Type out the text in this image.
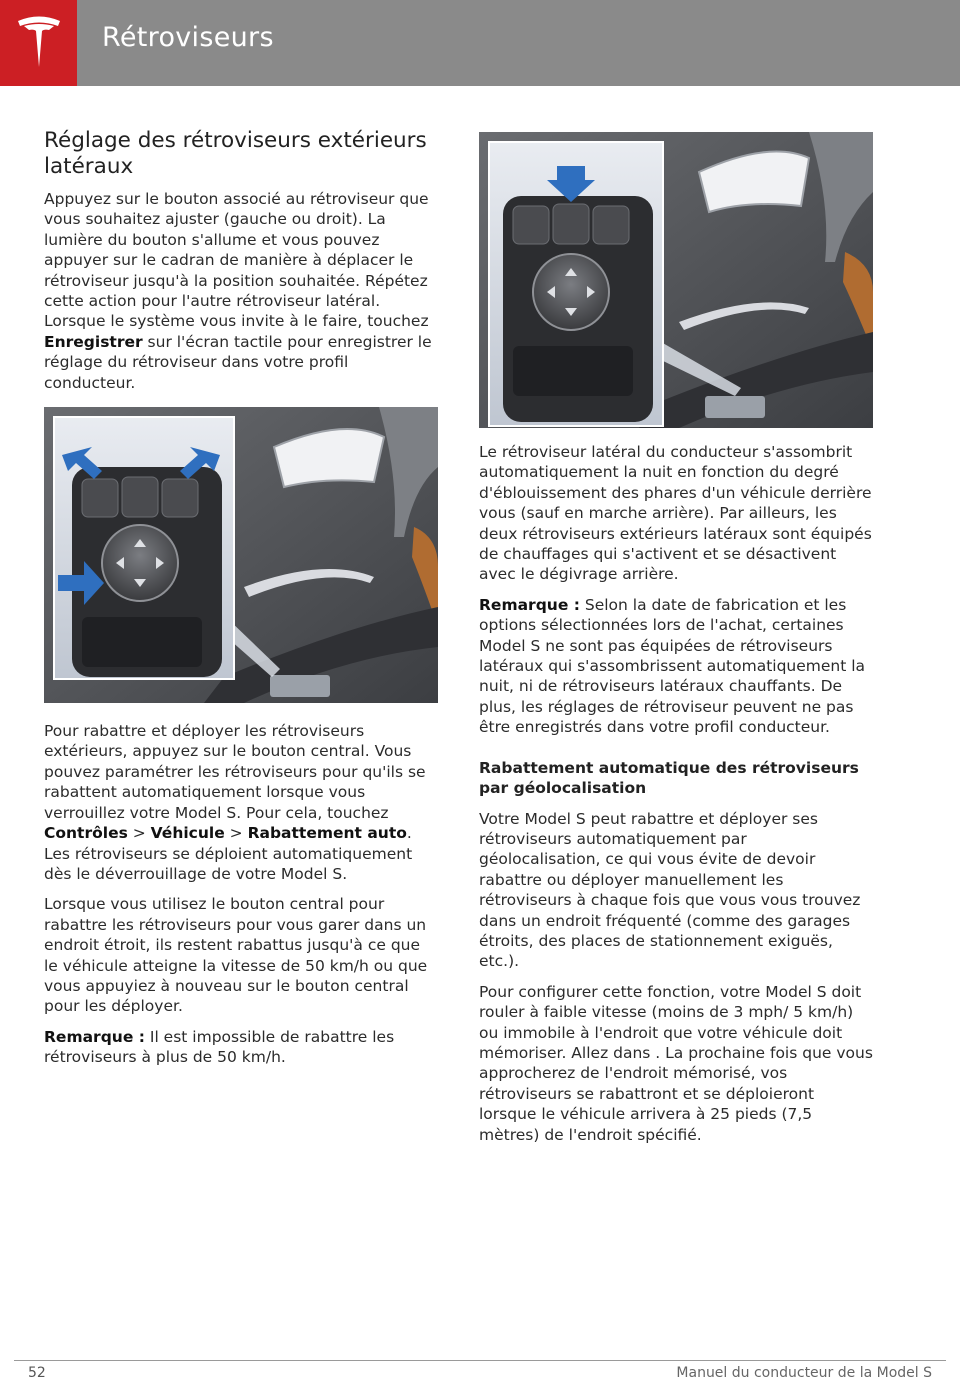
Rétroviseurs
Réglage des rétroviseurs extérieurs latéraux

Appuyez sur le bouton associé au rétroviseur que vous souhaitez ajuster (gauche ou droit). La lumière du bouton s'allume et vous pouvez appuyer sur le cadran de manière à déplacer le rétroviseur jusqu'à la position souhaitée. Répétez cette action pour l'autre rétroviseur latéral. Lorsque le système vous invite à le faire, touchez Enregistrer sur l'écran tactile pour enregistrer le réglage du rétroviseur dans votre profil conducteur.

Pour rabattre et déployer les rétroviseurs extérieurs, appuyez sur le bouton central. Vous pouvez paramétrer les rétroviseurs pour qu'ils se rabattent automatiquement lorsque vous verrouillez votre Model S. Pour cela, touchez Contrôles > Véhicule > Rabattement auto. Les rétroviseurs se déploient automatiquement dès le déverrouillage de votre Model S.

Lorsque vous utilisez le bouton central pour rabattre les rétroviseurs pour vous garer dans un endroit étroit, ils restent rabattus jusqu'à ce que le véhicule atteigne la vitesse de 50 km/h ou que vous appuyiez à nouveau sur le bouton central pour les déployer.

Remarque : Il est impossible de rabattre les rétroviseurs à plus de 50 km/h.

Le rétroviseur latéral du conducteur s'assombrit automatiquement la nuit en fonction du degré d'éblouissement des phares d'un véhicule derrière vous (sauf en marche arrière). Par ailleurs, les deux rétroviseurs extérieurs latéraux sont équipés de chauffages qui s'activent et se désactivent avec le dégivrage arrière.

Remarque : Selon la date de fabrication et les options sélectionnées lors de l'achat, certaines Model S ne sont pas équipées de rétroviseurs latéraux qui s'assombrissent automatiquement la nuit, ni de rétroviseurs latéraux chauffants. De plus, les réglages de rétroviseur peuvent ne pas être enregistrés dans votre profil conducteur.

Rabattement automatique des rétroviseurs par géolocalisation

Votre Model S peut rabattre et déployer ses rétroviseurs automatiquement par géolocalisation, ce qui vous évite de devoir rabattre ou déployer manuellement les rétroviseurs à chaque fois que vous vous trouvez dans un endroit fréquenté (comme des garages étroits, des places de stationnement exiguës, etc.).

Pour configurer cette fonction, votre Model S doit rouler à faible vitesse (moins de 3 mph/ 5 km/h) ou immobile à l'endroit que votre véhicule doit mémoriser. Allez dans . La prochaine fois que vous approcherez de l'endroit mémorisé, vos rétroviseurs se rabattront et se déploieront lorsque le véhicule arrivera à 25 pieds (7,5 mètres) de l'endroit spécifié.

52	Manuel du conducteur de la Model S
